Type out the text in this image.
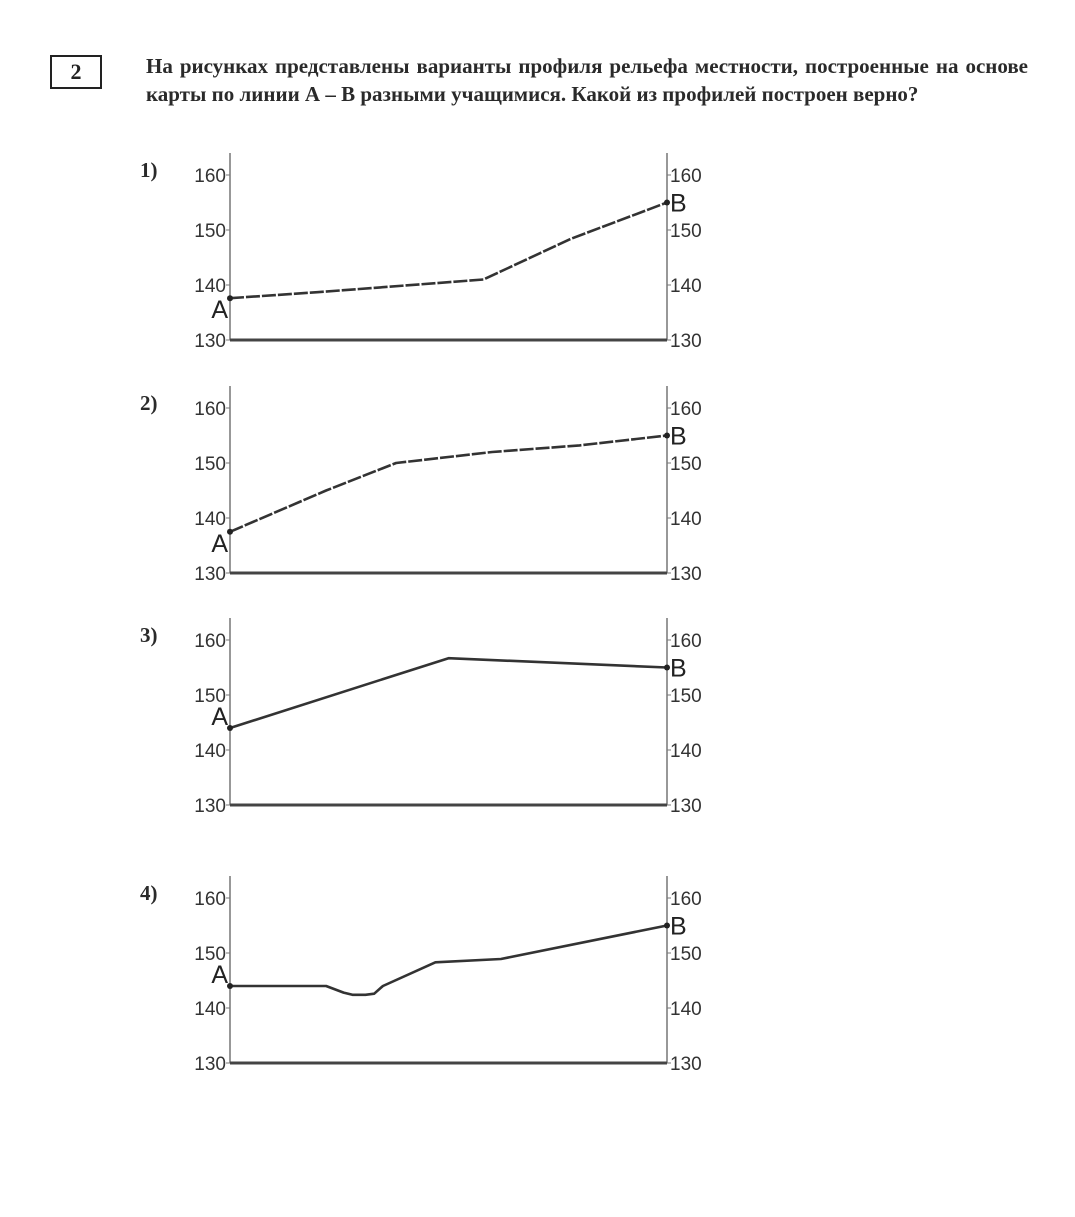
2	На рисунках представлены варианты профиля рельефа местности, построенные на основе карты по линии А – В разными учащимися. Какой из профилей построен верно?
1) 160
150
140
130
160
150
140
130
A
B
2) 160
150
140
130
160
150
140
130
A
B
3) 160
150
140
130
160
150
140
130
A
B
4) 160
150
140
130
160
150
140
130
A
B
